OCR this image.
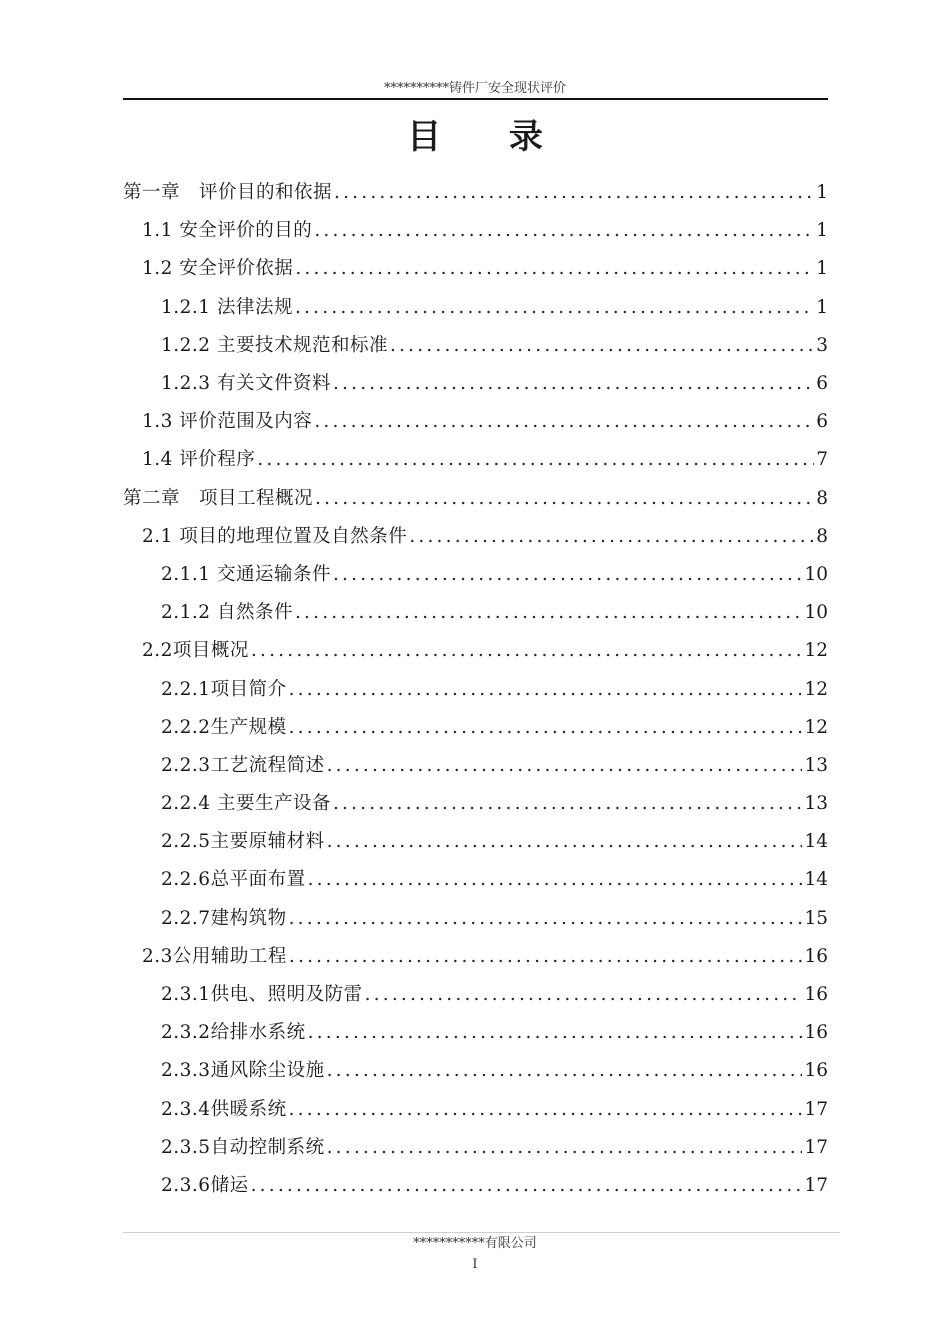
**********铸件厂安全现状评价
目 录
第一章　评价目的和依据 .....	1
1.1 安全评价的目的 .....	1
1.2 安全评价依据 .....	1
1.2.1 法律法规 .....	1
1.2.2 主要技术规范和标准 .....	3
1.2.3 有关文件资料 .....	6
1.3 评价范围及内容 .....	6
1.4 评价程序 .....	7
第二章　项目工程概况 .....	8
2.1 项目的地理位置及自然条件 .....	8
2.1.1 交通运输条件 .....	10
2.1.2 自然条件 .....	10
2.2项目概况 .....	12
2.2.1项目简介 .....	12
2.2.2生产规模 .....	12
2.2.3工艺流程简述 .....	13
2.2.4 主要生产设备 .....	13
2.2.5主要原辅材料 .....	14
2.2.6总平面布置 .....	14
2.2.7建构筑物 .....	15
2.3公用辅助工程 .....	16
2.3.1供电、照明及防雷 .....	16
2.3.2给排水系统 .....	16
2.3.3通风除尘设施 .....	16
2.3.4供暖系统 .....	17
2.3.5自动控制系统 .....	17
2.3.6储运 .....	17
***********有限公司
I
